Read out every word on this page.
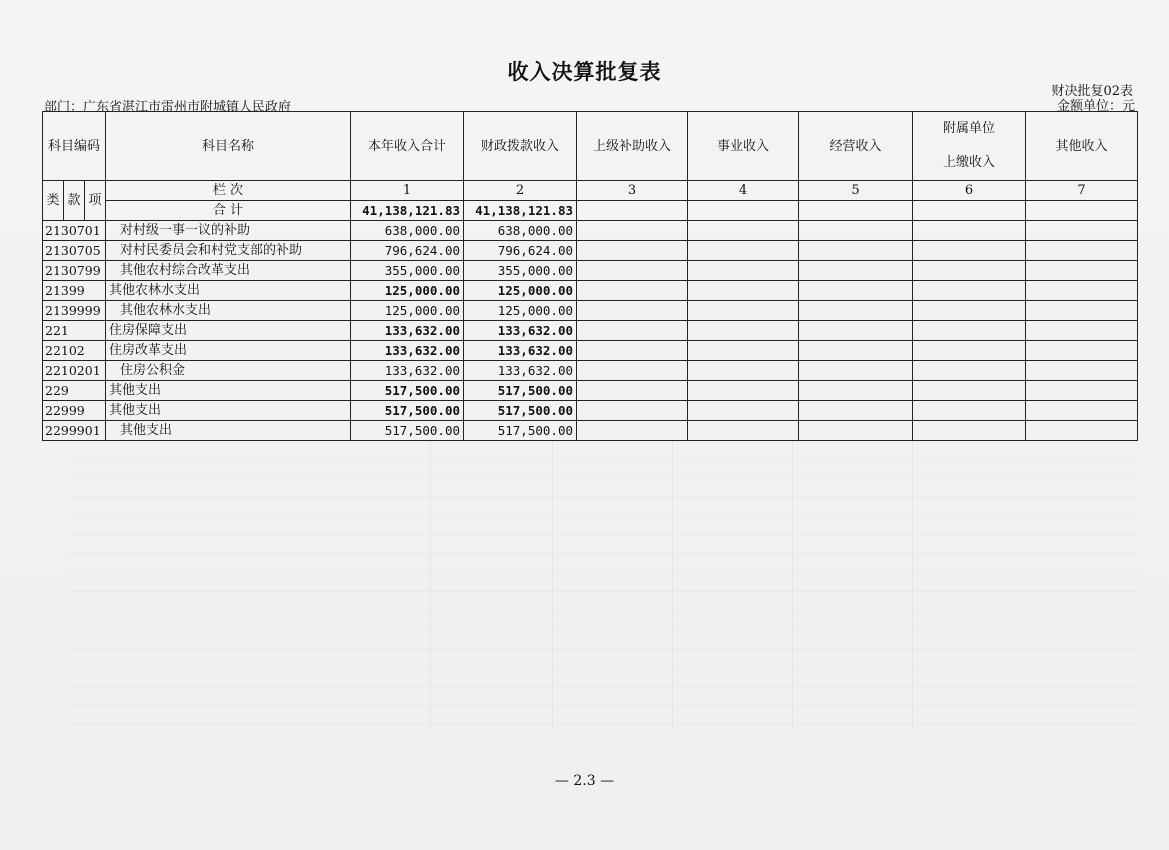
收入决算批复表
财决批复02表
金额单位：元
部门：广东省湛江市雷州市附城镇人民政府
科目编码			科目名称	本年收入合计	财政拨款收入	上级补助收入	事业收入	经营收入	附属单位
上缴收入	其他收入
类	款	项	栏 次	1	2	3	4	5	6	7
			合 计	41,138,121.83	41,138,121.83					
2130701			对村级一事一议的补助	638,000.00	638,000.00					
2130705			对村民委员会和村党支部的补助	796,624.00	796,624.00					
2130799			其他农村综合改革支出	355,000.00	355,000.00					
21399			其他农林水支出	125,000.00	125,000.00					
2139999			其他农林水支出	125,000.00	125,000.00					
221			住房保障支出	133,632.00	133,632.00					
22102			住房改革支出	133,632.00	133,632.00					
2210201			住房公积金	133,632.00	133,632.00					
229			其他支出	517,500.00	517,500.00					
22999			其他支出	517,500.00	517,500.00					
2299901			其他支出	517,500.00	517,500.00					
— 2.3 —
